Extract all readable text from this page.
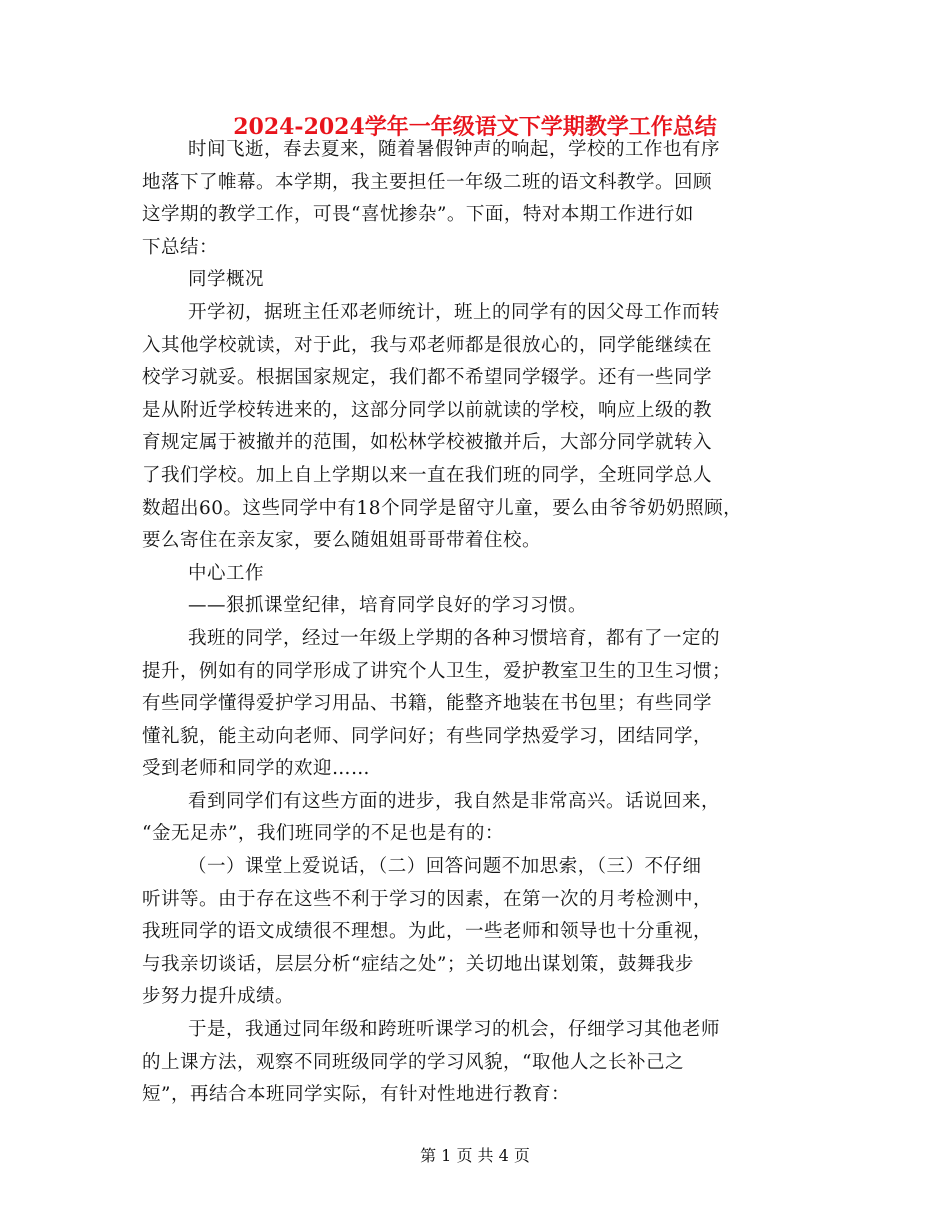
2024-2024学年一年级语文下学期教学工作总结
时间飞逝，春去夏来，随着暑假钟声的响起，学校的工作也有序
地落下了帷幕。本学期，我主要担任一年级二班的语文科教学。回顾
这学期的教学工作，可畏“喜忧掺杂”。下面，特对本期工作进行如
下总结：
同学概况
开学初，据班主任邓老师统计，班上的同学有的因父母工作而转
入其他学校就读，对于此，我与邓老师都是很放心的，同学能继续在
校学习就妥。根据国家规定，我们都不希望同学辍学。还有一些同学
是从附近学校转进来的，这部分同学以前就读的学校，响应上级的教
育规定属于被撤并的范围，如松林学校被撤并后，大部分同学就转入
了我们学校。加上自上学期以来一直在我们班的同学，全班同学总人
数超出60。这些同学中有18个同学是留守儿童，要么由爷爷奶奶照顾，
要么寄住在亲友家，要么随姐姐哥哥带着住校。
中心工作
——狠抓课堂纪律，培育同学良好的学习习惯。
我班的同学，经过一年级上学期的各种习惯培育，都有了一定的
提升，例如有的同学形成了讲究个人卫生，爱护教室卫生的卫生习惯；
有些同学懂得爱护学习用品、书籍，能整齐地装在书包里；有些同学
懂礼貌，能主动向老师、同学问好；有些同学热爱学习，团结同学，
受到老师和同学的欢迎……
看到同学们有这些方面的进步，我自然是非常高兴。话说回来，
“金无足赤”，我们班同学的不足也是有的：
（一）课堂上爱说话，（二）回答问题不加思索，（三）不仔细
听讲等。由于存在这些不利于学习的因素，在第一次的月考检测中，
我班同学的语文成绩很不理想。为此，一些老师和领导也十分重视，
与我亲切谈话，层层分析“症结之处”；关切地出谋划策，鼓舞我步
步努力提升成绩。
于是，我通过同年级和跨班听课学习的机会，仔细学习其他老师
的上课方法，观察不同班级同学的学习风貌，“取他人之长补己之
短”，再结合本班同学实际，有针对性地进行教育：
第 1 页 共 4 页
